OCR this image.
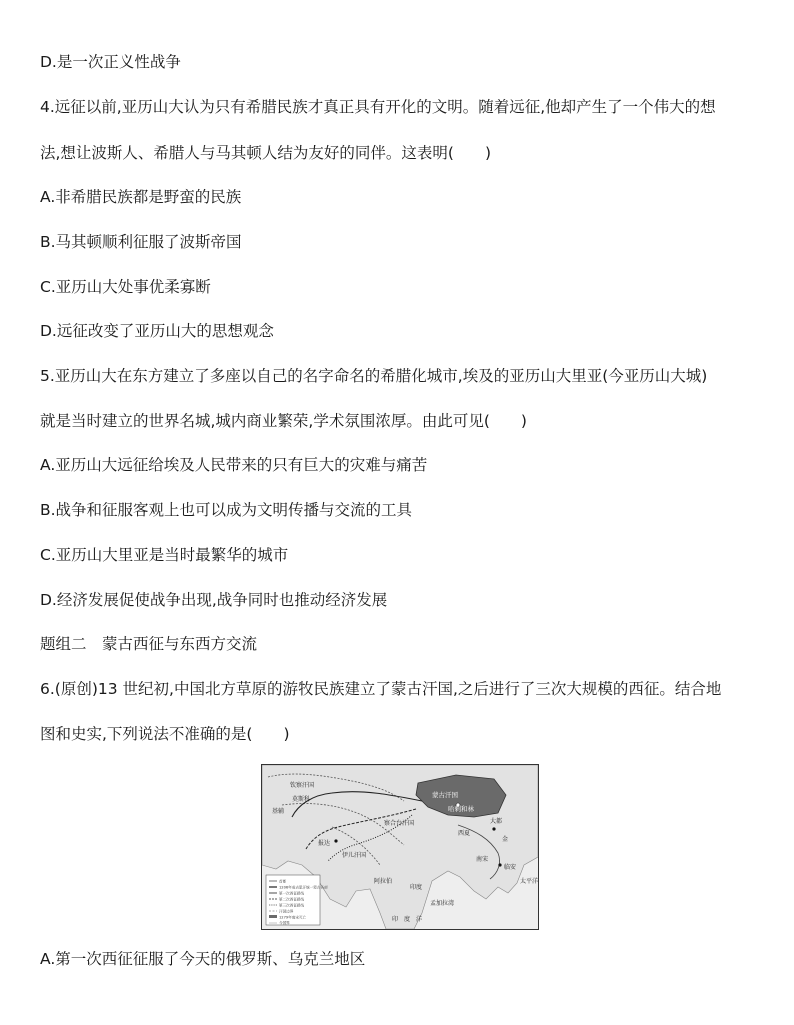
D.是一次正义性战争
4.远征以前,亚历山大认为只有希腊民族才真正具有开化的文明。随着远征,他却产生了一个伟大的想
法,想让波斯人、希腊人与马其顿人结为友好的同伴。这表明(　　)
A.非希腊民族都是野蛮的民族
B.马其顿顺利征服了波斯帝国
C.亚历山大处事优柔寡断
D.远征改变了亚历山大的思想观念
5.亚历山大在东方建立了多座以自己的名字命名的希腊化城市,埃及的亚历山大里亚(今亚历山大城)
就是当时建立的世界名城,城内商业繁荣,学术氛围浓厚。由此可见(　　)
A.亚历山大远征给埃及人民带来的只有巨大的灾难与痛苦
B.战争和征服客观上也可以成为文明传播与交流的工具
C.亚历山大里亚是当时最繁华的城市
D.经济发展促使战争出现,战争同时也推动经济发展
题组二　蒙古西征与东西方交流
6.(原创)13 世纪初,中国北方草原的游牧民族建立了蒙古汗国,之后进行了三次大规模的西征。结合地
图和史实,下列说法不准确的是(　　)
钦察汗国
蒙古汗国
哈剌和林
察合台汗国
伊儿汗国
大都
西夏
金
临安
南宋
报达
莫斯科
基辅
阿拉伯
印度
印　度　洋
太平洋
孟加拉湾
首都
1206年成吉思汗统一蒙古各部
第一次西征路线
第二次西征路线
第三次西征路线
汗国边界
1279年南宋灭亡
今国界
A.第一次西征征服了今天的俄罗斯、乌克兰地区
